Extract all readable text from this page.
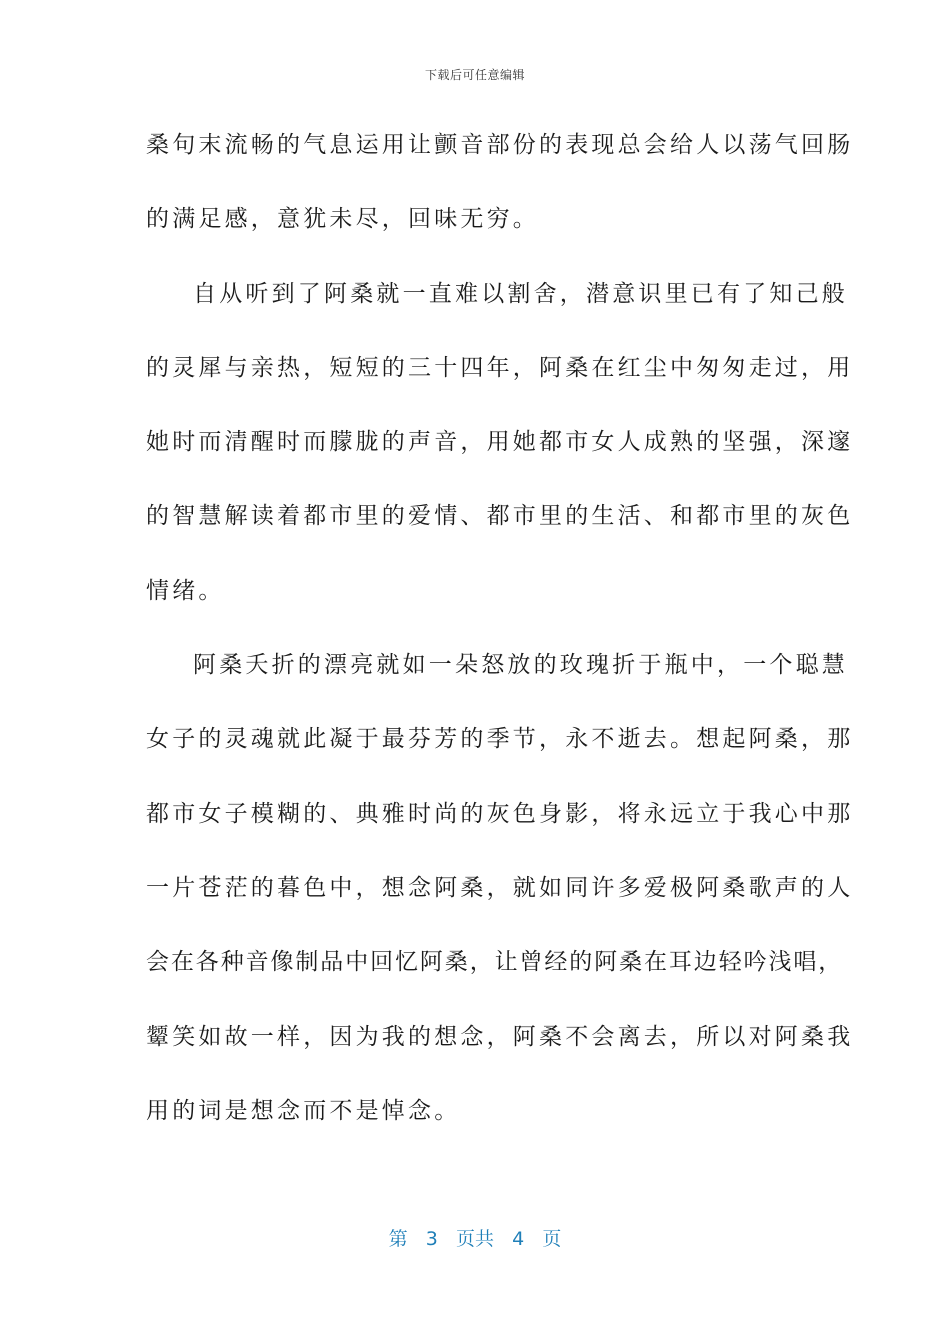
下载后可任意编辑
桑句末流畅的气息运用让颤音部份的表现总会给人以荡气回肠
的满足感，意犹未尽，回味无穷。
自从听到了阿桑就一直难以割舍，潜意识里已有了知己般
的灵犀与亲热，短短的三十四年，阿桑在红尘中匆匆走过，用
她时而清醒时而朦胧的声音，用她都市女人成熟的坚强，深邃
的智慧解读着都市里的爱情、都市里的生活、和都市里的灰色
情绪。
阿桑夭折的漂亮就如一朵怒放的玫瑰折于瓶中，一个聪慧
女子的灵魂就此凝于最芬芳的季节，永不逝去。想起阿桑，那
都市女子模糊的、典雅时尚的灰色身影，将永远立于我心中那
一片苍茫的暮色中，想念阿桑，就如同许多爱极阿桑歌声的人
会在各种音像制品中回忆阿桑，让曾经的阿桑在耳边轻吟浅唱，
颦笑如故一样，因为我的想念，阿桑不会离去，所以对阿桑我
用的词是想念而不是悼念。
第 3 页共 4 页
